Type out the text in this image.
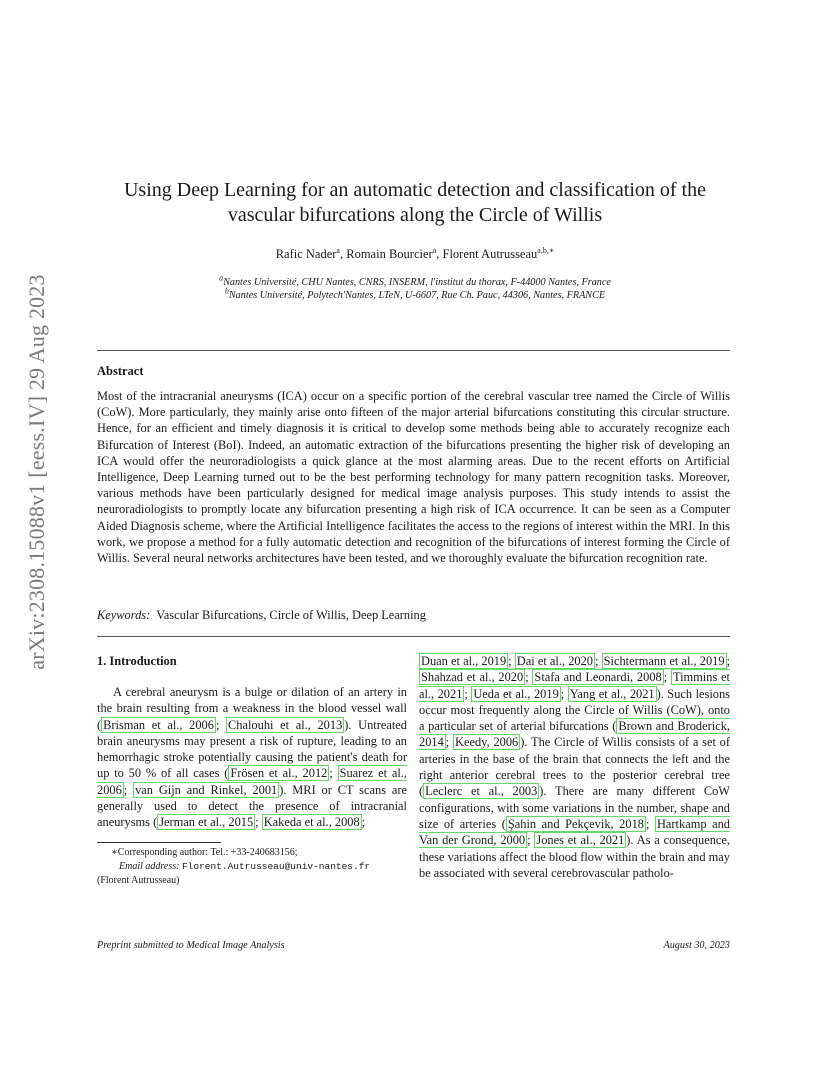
arXiv:2308.15088v1 [eess.IV] 29 Aug 2023
Using Deep Learning for an automatic detection and classification of the
vascular bifurcations along the Circle of Willis
Rafic Nader$^a$, Romain Bourcier$^a$, Florent Autrusseau$^{a,b,∗}$
$^a$Nantes Université, CHU Nantes, CNRS, INSERM, l'institut du thorax, F-44000 Nantes, France
$^b$Nantes Université, Polytech'Nantes, LTeN, U-6607, Rue Ch. Pauc, 44306, Nantes, FRANCE
Abstract
Most of the intracranial aneurysms (ICA) occur on a specific portion of the cerebral vascular tree named the Circle of Willis (CoW). More particularly, they mainly arise onto fifteen of the major arterial bifurcations constituting this circular structure. Hence, for an efficient and timely diagnosis it is critical to develop some methods being able to accurately recognize each Bifurcation of Interest (BoI). Indeed, an automatic extraction of the bifurcations presenting the higher risk of developing an ICA would offer the neuroradiologists a quick glance at the most alarming areas. Due to the recent efforts on Artificial Intelligence, Deep Learning turned out to be the best performing technology for many pattern recognition tasks. Moreover, various methods have been particularly designed for medical image analysis purposes. This study intends to assist the neuroradiologists to promptly locate any bifurcation presenting a high risk of ICA occurrence. It can be seen as a Computer Aided Diagnosis scheme, where the Artificial Intelligence facilitates the access to the regions of interest within the MRI. In this work, we propose a method for a fully automatic detection and recognition of the bifurcations of interest forming the Circle of Willis. Several neural networks architectures have been tested, and we thoroughly evaluate the bifurcation recognition rate.
Keywords: Vascular Bifurcations, Circle of Willis, Deep Learning
1. Introduction
A cerebral aneurysm is a bulge or dilation of an artery in the brain resulting from a weakness in the blood vessel wall ( Brisman et al., 2006 ; Chalouhi et al., 2013 ). Untreated brain aneurysms may present a risk of rupture, leading to an hemorrhagic stroke potentially causing the patient's death for up to 50 % of all cases ( Frösen et al., 2012 ; Suarez et al., 2006 ; van Gijn and Rinkel, 2001 ). MRI or CT scans are generally used to detect the presence of intracranial aneurysms ( Jerman et al., 2015 ; Kakeda et al., 2008 ;
Duan et al., 2019 ; Dai et al., 2020 ; Sichtermann et al., 2019 ; Shahzad et al., 2020 ; Stafa and Leonardi, 2008 ; Timmins et al., 2021 ; Ueda et al., 2019 ; Yang et al., 2021 ). Such lesions occur most frequently along the Circle of Willis (CoW), onto a particular set of arterial bifurcations ( Brown and Broderick, 2014 ; Keedy, 2006 ). The Circle of Willis consists of a set of arteries in the base of the brain that connects the left and the right anterior cerebral trees to the posterior cerebral tree ( Leclerc et al., 2003 ). There are many different CoW configurations, with some variations in the number, shape and size of arteries ( Şahin and Pekçevik, 2018 ; Hartkamp and Van der Grond, 2000 ; Jones et al., 2021 ). As a consequence, these variations affect the blood flow within the brain and may be associated with several cerebrovascular patholo-
∗Corresponding author: Tel.: +33-240683156;
Email address: Florent.Autrusseau@univ-nantes.fr
(Florent Autrusseau)
Preprint submitted to Medical Image Analysis	August 30, 2023
